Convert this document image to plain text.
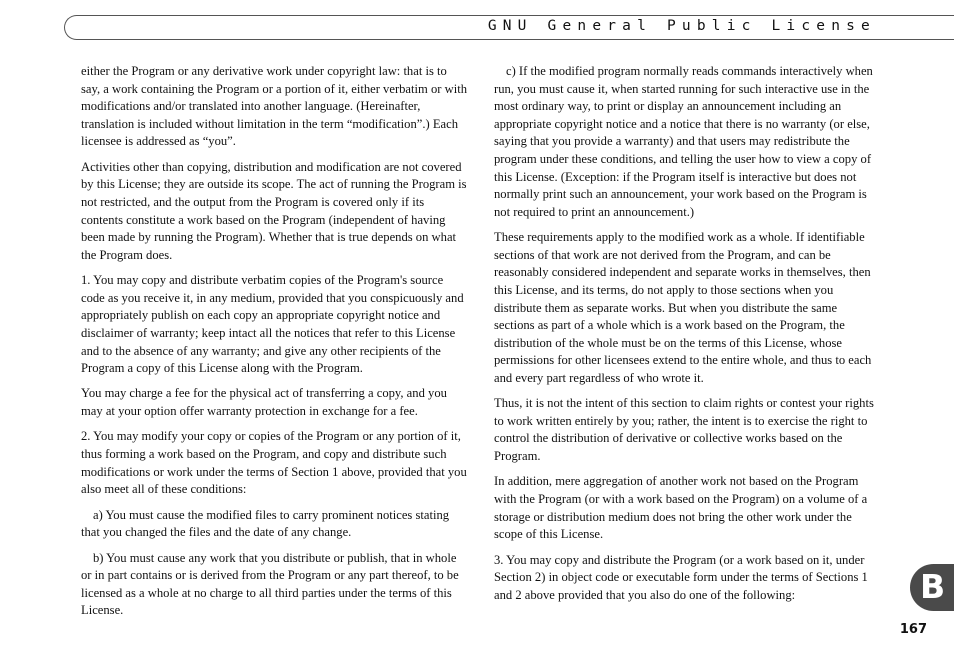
GNU General Public License

either the Program or any derivative work under copyright law: that is to say, a work containing the Program or a portion of it, either verbatim or with modifications and/or translated into another language. (Hereinafter, translation is included without limitation in the term “modification”.) Each licensee is addressed as “you”.

Activities other than copying, distribution and modification are not covered by this License; they are outside its scope. The act of running the Program is not restricted, and the output from the Program is covered only if its contents constitute a work based on the Program (independent of having been made by running the Program). Whether that is true depends on what the Program does.

1. You may copy and distribute verbatim copies of the Program's source code as you receive it, in any medium, provided that you conspicuously and appropriately publish on each copy an appropriate copyright notice and disclaimer of warranty; keep intact all the notices that refer to this License and to the absence of any warranty; and give any other recipients of the Program a copy of this License along with the Program.

You may charge a fee for the physical act of transferring a copy, and you may at your option offer warranty protection in exchange for a fee.

2. You may modify your copy or copies of the Program or any portion of it, thus forming a work based on the Program, and copy and distribute such modifications or work under the terms of Section 1 above, provided that you also meet all of these conditions:

a) You must cause the modified files to carry prominent notices stating that you changed the files and the date of any change.

b) You must cause any work that you distribute or publish, that in whole or in part contains or is derived from the Program or any part thereof, to be licensed as a whole at no charge to all third parties under the terms of this License.

c) If the modified program normally reads commands interactively when run, you must cause it, when started running for such interactive use in the most ordinary way, to print or display an announcement including an appropriate copyright notice and a notice that there is no warranty (or else, saying that you provide a warranty) and that users may redistribute the program under these conditions, and telling the user how to view a copy of this License. (Exception: if the Program itself is interactive but does not normally print such an announcement, your work based on the Program is not required to print an announcement.)

These requirements apply to the modified work as a whole. If identifiable sections of that work are not derived from the Program, and can be reasonably considered independent and separate works in themselves, then this License, and its terms, do not apply to those sections when you distribute them as separate works. But when you distribute the same sections as part of a whole which is a work based on the Program, the distribution of the whole must be on the terms of this License, whose permissions for other licensees extend to the entire whole, and thus to each and every part regardless of who wrote it.

Thus, it is not the intent of this section to claim rights or contest your rights to work written entirely by you; rather, the intent is to exercise the right to control the distribution of derivative or collective works based on the Program.

In addition, mere aggregation of another work not based on the Program with the Program (or with a work based on the Program) on a volume of a storage or distribution medium does not bring the other work under the scope of this License.

3. You may copy and distribute the Program (or a work based on it, under Section 2) in object code or executable form under the terms of Sections 1 and 2 above provided that you also do one of the following:	B
167
